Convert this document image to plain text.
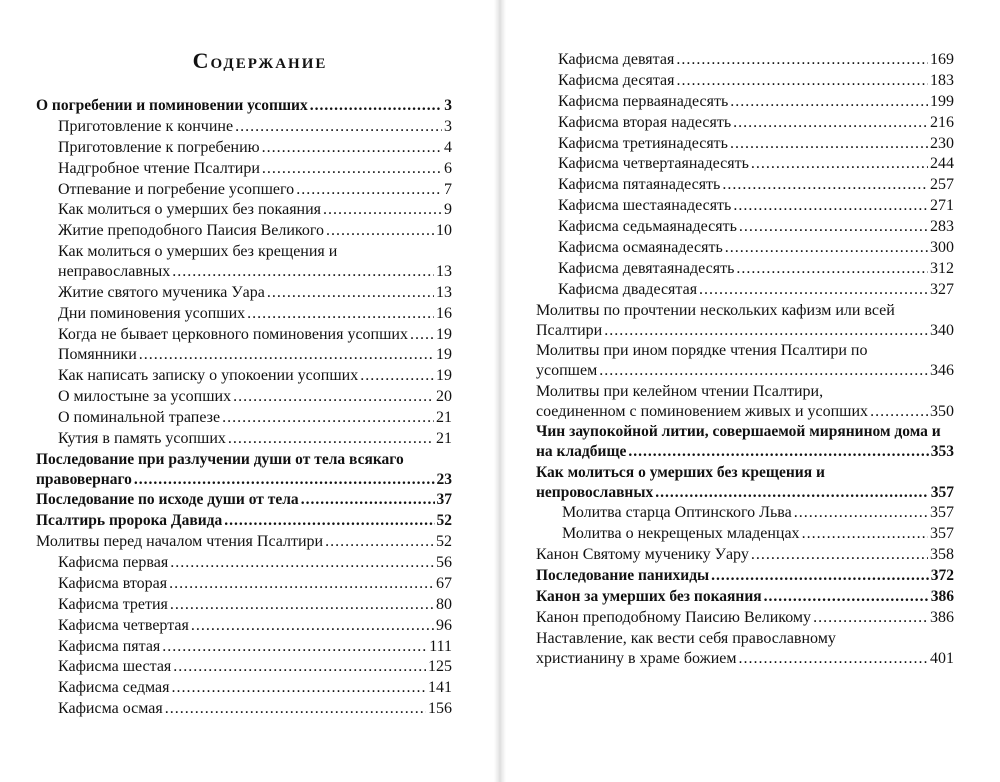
Содержание
О погребении и поминовении усопших .....	3
Приготовление к кончине .....	3
Приготовление к погребению .....	4
Надгробное чтение Псалтири .....	6
Отпевание и погребение усопшего .....	7
Как молиться о умерших без покаяния .....	9
Житие преподобного Паисия Великого .....	10
Как молиться о умерших без крещения и
неправославных .....	13
Житие святого мученика Уара .....	13
Дни поминовения усопших .....	16
Когда не бывает церковного поминовения усопших ..... 19
Помянники .....	19
Как написать записку о упокоении усопших .....	19
О милостыне за усопших .....	20
О поминальной трапезе .....	21
Кутия в память усопших .....	21
Последование при разлучении души от тела всякаго
правовернаго .....	23
Последование по исходе души от тела .....	37
Псалтирь пророка Давида .....	52
Молитвы перед началом чтения Псалтири .....	52
Кафисма первая .....	56
Кафисма вторая .....	67
Кафисма третия .....	80
Кафисма четвертая .....	96
Кафисма пятая .....	111
Кафисма шестая .....	125
Кафисма седмая .....	141
Кафисма осмая .....	156
Кафисма девятая .....	169
Кафисма десятая .....	183
Кафисма перваянадесять .....	199
Кафисма вторая надесять .....	216
Кафисма третиянадесять .....	230
Кафисма четвертаянадесять .....	244
Кафисма пятаянадесять .....	257
Кафисма шестаянадесять .....	271
Кафисма седьмаянадесять .....	283
Кафисма осмаянадесять .....	300
Кафисма девятаянадесять .....	312
Кафисма двадесятая .....	327
Молитвы по прочтении нескольких кафизм или всей
Псалтири .....	340
Молитвы при ином порядке чтения Псалтири по
усопшем .....	346
Молитвы при келейном чтении Псалтири,
соединенном с поминовением живых и усопших .....	350
Чин заупокойной литии, совершаемой мирянином дома и
на кладбище .....	353
Как молиться о умерших без крещения и
непровославных .....	357
Молитва старца Оптинского Льва .....	357
Молитва о некрещеных младенцах .....	357
Канон Святому мученику Уару .....	358
Последование панихиды .....	372
Канон за умерших без покаяния .....	386
Канон преподобному Паисию Великому .....	386
Наставление, как вести себя православному
христианину в храме божием .....	401
